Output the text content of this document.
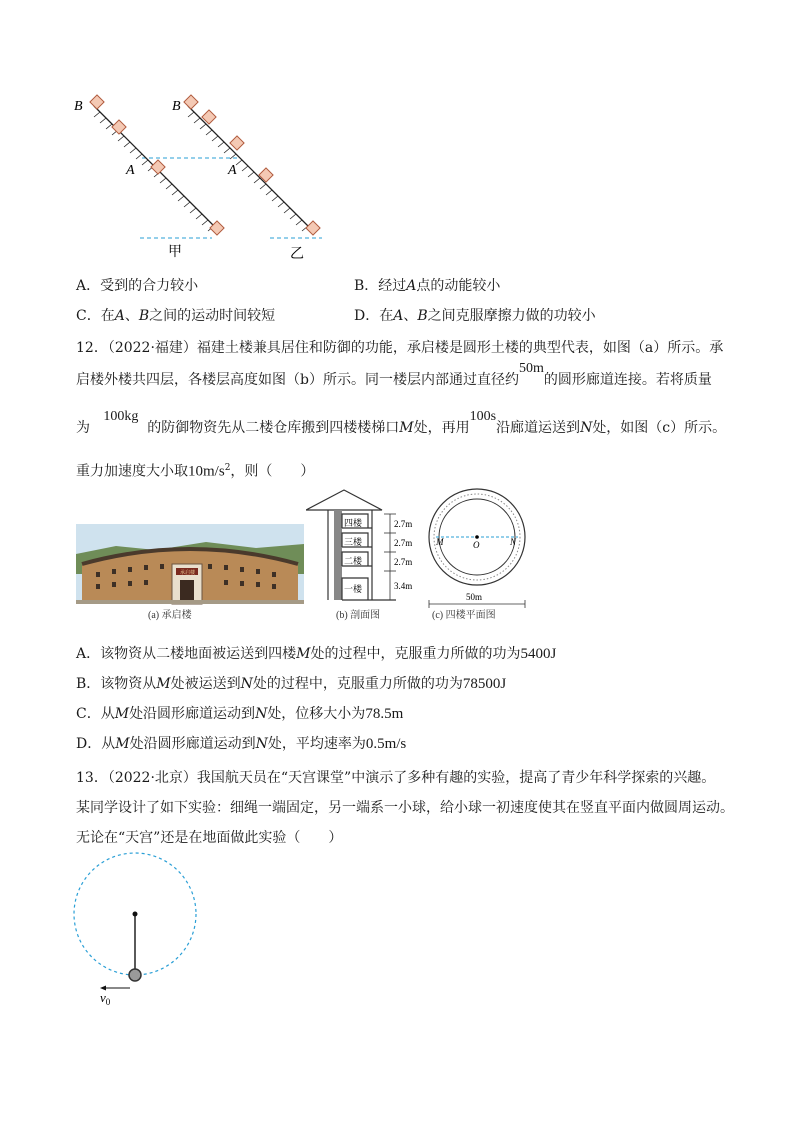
B
A
B
A
甲	乙
A．受到的合力较小	B．经过A点的动能较小
C．在A、B之间的运动时间较短	D．在A、B之间克服摩擦力做的功较小
12．（2022·福建）福建土楼兼具居住和防御的功能，承启楼是圆形土楼的典型代表，如图（a）所示。承
启楼外楼共四层，各楼层高度如图（b）所示。同一楼层内部通过直径约50m的圆形廊道连接。若将质量
为   100kg  的防御物资先从二楼仓库搬到四楼楼梯口M处，再用100s沿廊道运送到N处，如图（c）所示。
重力加速度大小取$10m/s^2$，则（　　）
承启楼
(a) 承启楼
四楼
三楼
二楼
一楼
2.7m
2.7m
2.7m
3.4m
(b) 剖面图
M	O	N
50m
(c) 四楼平面图
A．该物资从二楼地面被运送到四楼M处的过程中，克服重力所做的功为5400J
B．该物资从M处被运送到N处的过程中，克服重力所做的功为78500J
C．从M处沿圆形廊道运动到N处，位移大小为78.5m
D．从M处沿圆形廊道运动到N处，平均速率为0.5m/s
13．（2022·北京）我国航天员在“天宫课堂”中演示了多种有趣的实验，提高了青少年科学探索的兴趣。
某同学设计了如下实验：细绳一端固定，另一端系一小球，给小球一初速度使其在竖直平面内做圆周运动。
无论在“天宫”还是在地面做此实验（　　）
$v_0$
